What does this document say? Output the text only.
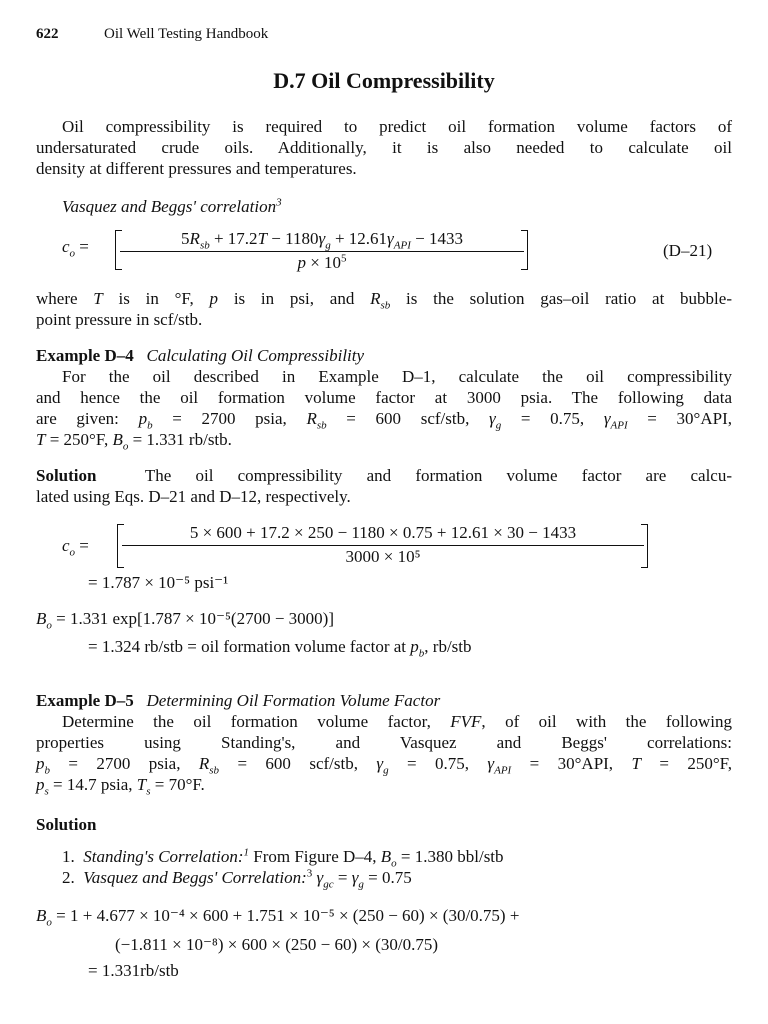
622	Oil Well Testing Handbook
D.7 Oil Compressibility
Oil compressibility is required to predict oil formation volume factors of
undersaturated crude oils. Additionally, it is also needed to calculate oil
density at different pressures and temperatures.
Vasquez and Beggs' correlation$^3$
$c_o$ =	$5R_{sb} + 17.2T - 1180\gamma_g + 12.61\gamma_{API} - 1433$
$p \times 10^5$	(D–21)
where T is in °F, p is in psi, and $R_{sb}$ is the solution gas–oil ratio at bubble-
point pressure in scf/stb.
Example D–4 Calculating Oil Compressibility
For the oil described in Example D–1, calculate the oil compressibility
and hence the oil formation volume factor at 3000 psia. The following data
are given: $p_b = 2700$ psia, $R_{sb} = 600$ scf/stb, $\gamma_g = 0.75$, $\gamma_{API} = 30^\circ API$,
T = 250°F, $B_o = 1.331$ rb/stb.
Solution	The oil compressibility and formation volume factor are calcu-
lated using Eqs. D–21 and D–12, respectively.
$c_o = \frac{5 \times 600 + 17.2 \times 250 - 1180 \times 0.75 + 12.61 \times 30 - 1433}{\text{3000 × 10⁵}}$
= 1.787 × 10⁻⁵ psi⁻¹
$B_o = 1.331$ exp[1.787 × 10⁻⁵(2700 − 3000)]
= 1.324 rb/stb = oil formation volume factor at $p_b$, rb/stb
Example D–5 Determining Oil Formation Volume Factor
Determine the oil formation volume factor, FVF, of oil with the following
properties using Standing's, and Vasquez and Beggs' correlations:
$p_b = 2700$ psia, $R_{sb} = 600$ scf/stb, $\gamma_g = 0.75$, $\gamma_{API} = 30^\circ API$, T = 250°F,
$p_s = 14.7$ psia, $T_s = 70^\circ F$.
Solution
1. Standing's Correlation:$^1$ From Figure D–4, $B_o = 1.380$ bbl/stb
2. Vasquez and Beggs' Correlation:$^3$ $\gamma_{gc} = \gamma_g = 0.75$
$B_o = 1 + 4.677 \times 10^{-4} \times 600 + 1.751 \times 10^{-5} \times (250 - 60) \times (30/0.75)$ +
(−1.811 × 10⁻⁸) × 600 × (250 − 60) × (30/0.75)
= 1.331rb/stb
